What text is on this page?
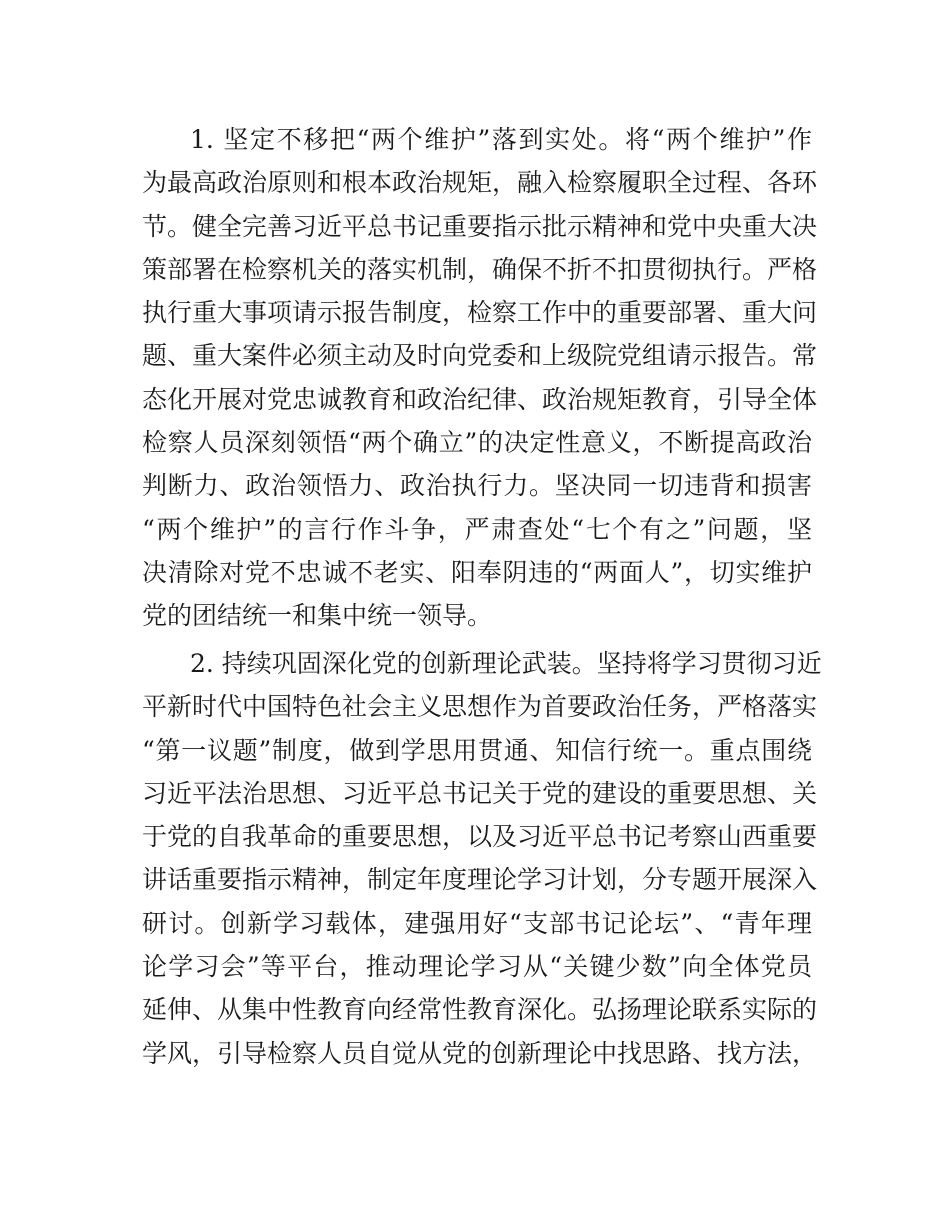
1. 坚定不移把“两个维护”落到实处。将“两个维护”作
为最高政治原则和根本政治规矩，融入检察履职全过程、各环
节。健全完善习近平总书记重要指示批示精神和党中央重大决
策部署在检察机关的落实机制，确保不折不扣贯彻执行。严格
执行重大事项请示报告制度，检察工作中的重要部署、重大问
题、重大案件必须主动及时向党委和上级院党组请示报告。常
态化开展对党忠诚教育和政治纪律、政治规矩教育，引导全体
检察人员深刻领悟“两个确立”的决定性意义，不断提高政治
判断力、政治领悟力、政治执行力。坚决同一切违背和损害
“两个维护”的言行作斗争，严肃查处“七个有之”问题，坚
决清除对党不忠诚不老实、阳奉阴违的“两面人”，切实维护
党的团结统一和集中统一领导。
2. 持续巩固深化党的创新理论武装。坚持将学习贯彻习近
平新时代中国特色社会主义思想作为首要政治任务，严格落实
“第一议题”制度，做到学思用贯通、知信行统一。重点围绕
习近平法治思想、习近平总书记关于党的建设的重要思想、关
于党的自我革命的重要思想，以及习近平总书记考察山西重要
讲话重要指示精神，制定年度理论学习计划，分专题开展深入
研讨。创新学习载体，建强用好“支部书记论坛”、“青年理
论学习会”等平台，推动理论学习从“关键少数”向全体党员
延伸、从集中性教育向经常性教育深化。弘扬理论联系实际的
学风，引导检察人员自觉从党的创新理论中找思路、找方法，
